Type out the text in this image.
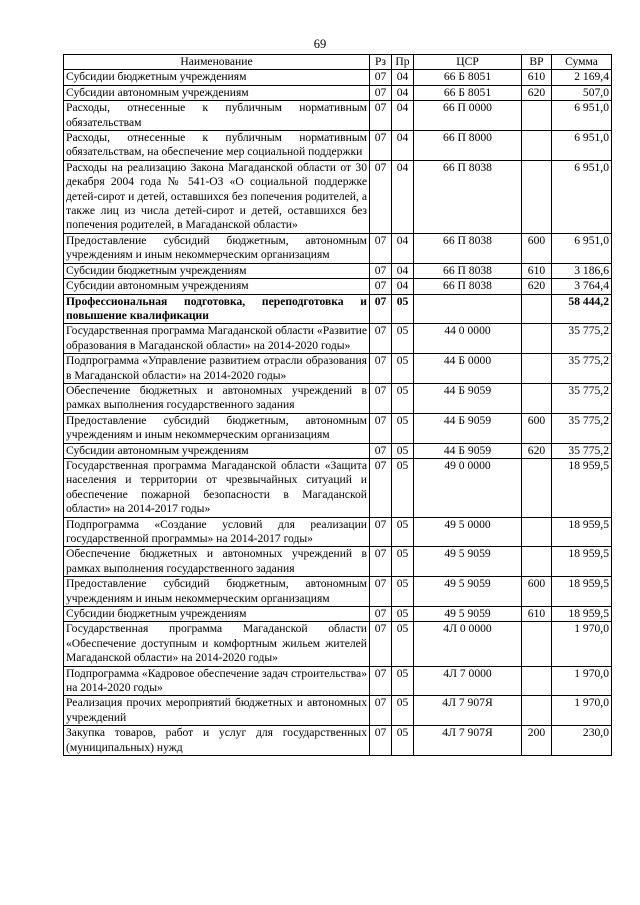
69
Наименование	Рз	Пр	ЦСР	ВР	Сумма
Субсидии бюджетным учреждениям	07	04	66 Б 8051	610	2 169,4
Субсидии автономным учреждениям	07	04	66 Б 8051	620	507,0
Расходы, отнесенные к публичным нормативным обязательствам	07	04	66 П 0000		6 951,0
Расходы, отнесенные к публичным нормативным обязательствам, на обеспечение мер социальной поддержки	07	04	66 П 8000		6 951,0
Расходы на реализацию Закона Магаданской области от 30 декабря 2004 года № 541-ОЗ «О социальной поддержке детей-сирот и детей, оставшихся без попечения родителей, а также лиц из числа детей-сирот и детей, оставшихся без попечения родителей, в Магаданской области»	07	04	66 П 8038		6 951,0
Предоставление субсидий бюджетным, автономным учреждениям и иным некоммерческим организациям	07	04	66 П 8038	600	6 951,0
Субсидии бюджетным учреждениям	07	04	66 П 8038	610	3 186,6
Субсидии автономным учреждениям	07	04	66 П 8038	620	3 764,4
Профессиональная подготовка, переподготовка и повышение квалификации	07	05			58 444,2
Государственная программа Магаданской области «Развитие образования в Магаданской области» на 2014-2020 годы»	07	05	44 0 0000		35 775,2
Подпрограмма «Управление развитием отрасли образования в Магаданской области» на 2014-2020 годы»	07	05	44 Б 0000		35 775,2
Обеспечение бюджетных и автономных учреждений в рамках выполнения государственного задания	07	05	44 Б 9059		35 775,2
Предоставление субсидий бюджетным, автономным учреждениям и иным некоммерческим организациям	07	05	44 Б 9059	600	35 775,2
Субсидии автономным учреждениям	07	05	44 Б 9059	620	35 775,2
Государственная программа Магаданской области «Защита населения и территории от чрезвычайных ситуаций и обеспечение пожарной безопасности в Магаданской области» на 2014-2017 годы»	07	05	49 0 0000		18 959,5
Подпрограмма «Создание условий для реализации государственной программы» на 2014-2017 годы»	07	05	49 5 0000		18 959,5
Обеспечение бюджетных и автономных учреждений в рамках выполнения государственного задания	07	05	49 5 9059		18 959,5
Предоставление субсидий бюджетным, автономным учреждениям и иным некоммерческим организациям	07	05	49 5 9059	600	18 959,5
Субсидии бюджетным учреждениям	07	05	49 5 9059	610	18 959,5
Государственная программа Магаданской области «Обеспечение доступным и комфортным жильем жителей Магаданской области» на 2014-2020 годы»	07	05	4Л 0 0000		1 970,0
Подпрограмма «Кадровое обеспечение задач строительства» на 2014-2020 годы»	07	05	4Л 7 0000		1 970,0
Реализация прочих мероприятий бюджетных и автономных учреждений	07	05	4Л 7 907Я		1 970,0
Закупка товаров, работ и услуг для государственных (муниципальных) нужд	07	05	4Л 7 907Я	200	230,0
